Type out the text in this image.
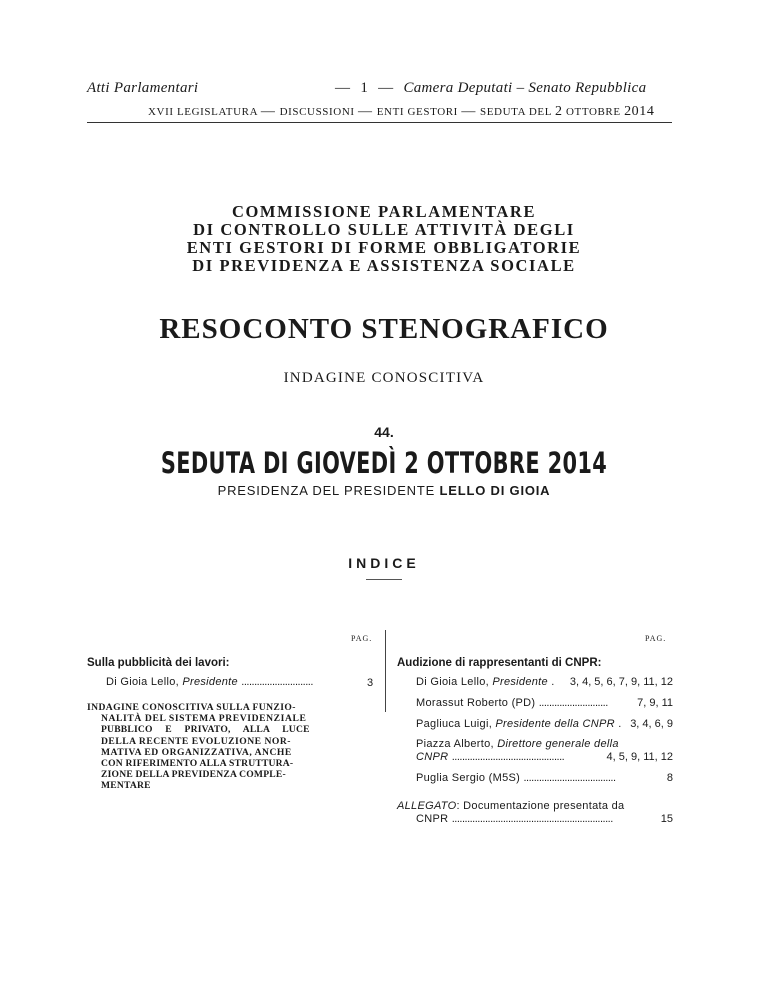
Atti Parlamentari	— 1 — Camera Deputati – Senato Repubblica
XVII LEGISLATURA — DISCUSSIONI — ENTI GESTORI — SEDUTA DEL 2 OTTOBRE 2014
COMMISSIONE PARLAMENTARE
DI CONTROLLO SULLE ATTIVITÀ DEGLI
ENTI GESTORI DI FORME OBBLIGATORIE
DI PREVIDENZA E ASSISTENZA SOCIALE
RESOCONTO STENOGRAFICO
INDAGINE CONOSCITIVA
44.
SEDUTA DI GIOVEDÌ 2 OTTOBRE 2014
PRESIDENZA DEL PRESIDENTE LELLO DI GIOIA
INDICE
PAG.	PAG.
Sulla pubblicità dei lavori:
Di Gioia Lello, Presidente ............................	3
INDAGINE CONOSCITIVA SULLA FUNZIO-
NALITÀ DEL SISTEMA PREVIDENZIALE
PUBBLICO E PRIVATO, ALLA LUCE
DELLA RECENTE EVOLUZIONE NOR-
MATIVA ED ORGANIZZATIVA, ANCHE
CON RIFERIMENTO ALLA STRUTTURA-
ZIONE DELLA PREVIDENZA COMPLE-
MENTARE
Audizione di rappresentanti di CNPR:
Di Gioia Lello, Presidente .	3, 4, 5, 6, 7, 9, 11, 12
Morassut Roberto (PD) ...........................	7, 9, 11
Pagliuca Luigi, Presidente della CNPR . 3, 4, 6, 9
Piazza Alberto, Direttore generale della
CNPR ............................................	4, 5, 9, 11, 12
Puglia Sergio (M5S) ....................................	8
ALLEGATO: Documentazione presentata da
CNPR ...............................................................	15
